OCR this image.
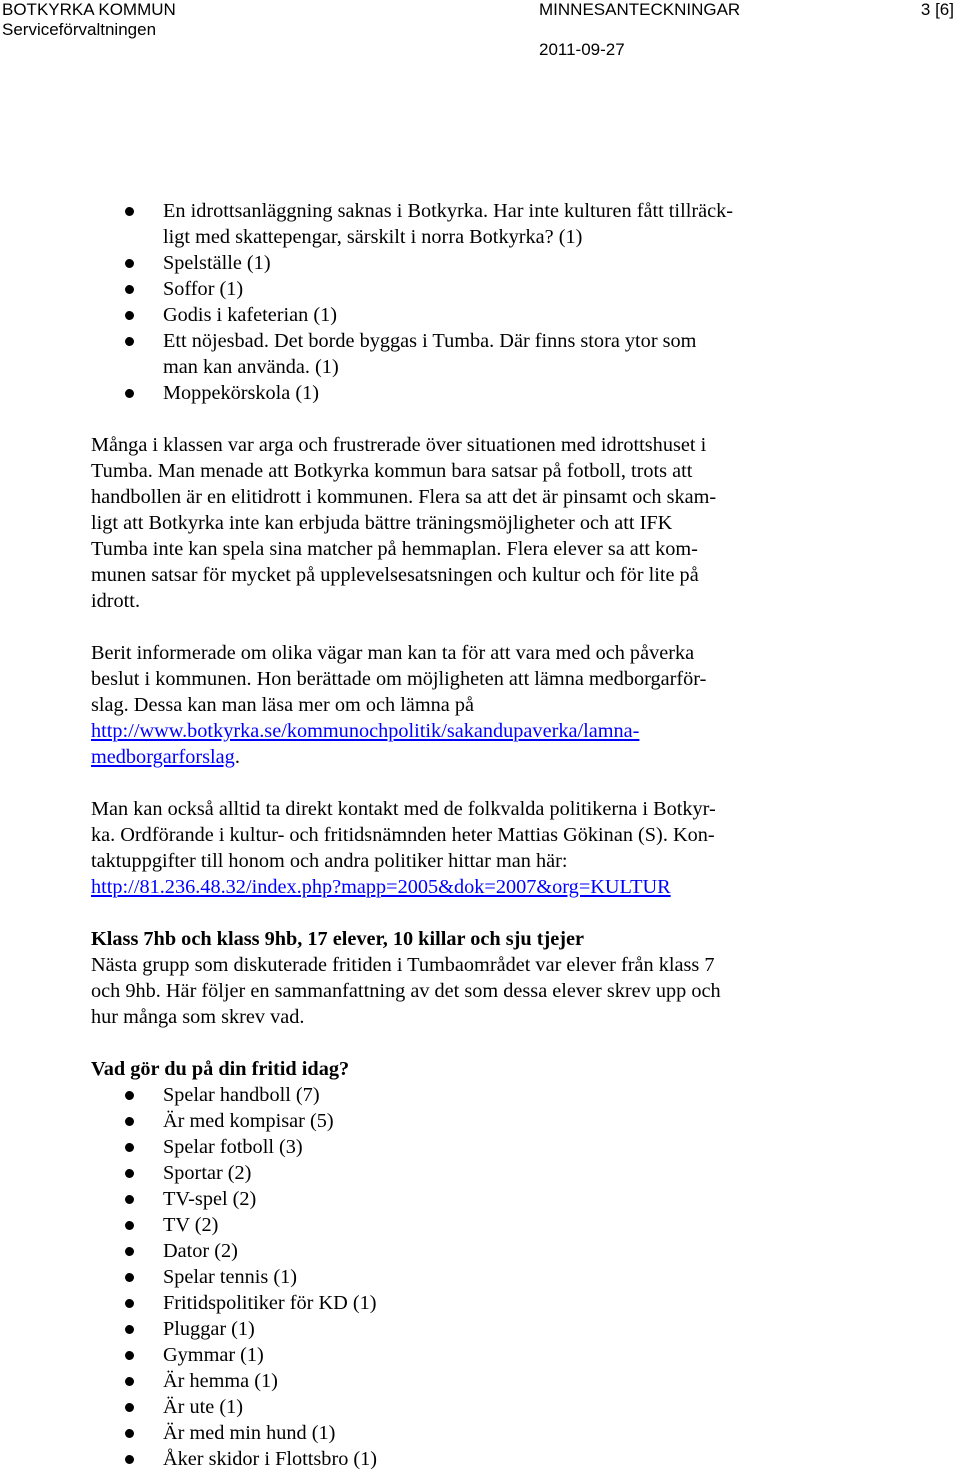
BOTKYRKA KOMMUN
Serviceförvaltningen
MINNESANTECKNINGAR	3 [6]
2011-09-27
En idrottsanläggning saknas i Botkyrka. Har inte kulturen fått tillräck-
ligt med skattepengar, särskilt i norra Botkyrka? (1)
Spelställe (1)
Soffor (1)
Godis i kafeterian (1)
Ett nöjesbad. Det borde byggas i Tumba. Där finns stora ytor som
man kan använda. (1)
Moppekörskola (1)

Många i klassen var arga och frustrerade över situationen med idrottshuset i
Tumba. Man menade att Botkyrka kommun bara satsar på fotboll, trots att
handbollen är en elitidrott i kommunen. Flera sa att det är pinsamt och skam-
ligt att Botkyrka inte kan erbjuda bättre träningsmöjligheter och att IFK
Tumba inte kan spela sina matcher på hemmaplan. Flera elever sa att kom-
munen satsar för mycket på upplevelsesatsningen och kultur och för lite på
idrott.

Berit informerade om olika vägar man kan ta för att vara med och påverka
beslut i kommunen. Hon berättade om möjligheten att lämna medborgarför-
slag. Dessa kan man läsa mer om och lämna på
http://www.botkyrka.se/kommunochpolitik/sakandupaverka/lamna-
medborgarforslag.

Man kan också alltid ta direkt kontakt med de folkvalda politikerna i Botkyr-
ka. Ordförande i kultur- och fritidsnämnden heter Mattias Gökinan (S). Kon-
taktuppgifter till honom och andra politiker hittar man här:
http://81.236.48.32/index.php?mapp=2005&dok=2007&org=KULTUR

Klass 7hb och klass 9hb, 17 elever, 10 killar och sju tjejer

Nästa grupp som diskuterade fritiden i Tumbaområdet var elever från klass 7
och 9hb. Här följer en sammanfattning av det som dessa elever skrev upp och
hur många som skrev vad.

Vad gör du på din fritid idag?

Spelar handboll (7)
Är med kompisar (5)
Spelar fotboll (3)
Sportar (2)
TV-spel (2)
TV (2)
Dator (2)
Spelar tennis (1)
Fritidspolitiker för KD (1)
Pluggar (1)
Gymmar (1)
Är hemma (1)
Är ute (1)
Är med min hund (1)
Åker skidor i Flottsbro (1)
